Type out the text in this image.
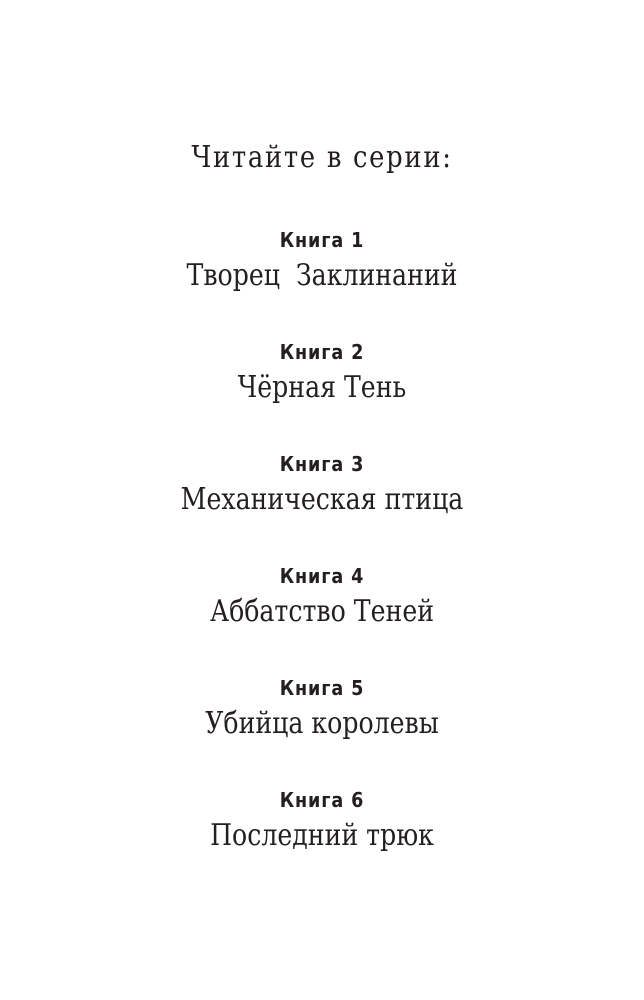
Читайте в серии:
Книга 1
Творец  Заклинаний
Книга 2
Чёрная Тень
Книга 3
Механическая птица
Книга 4
Аббатство Теней
Книга 5
Убийца королевы
Книга 6
Последний трюк
